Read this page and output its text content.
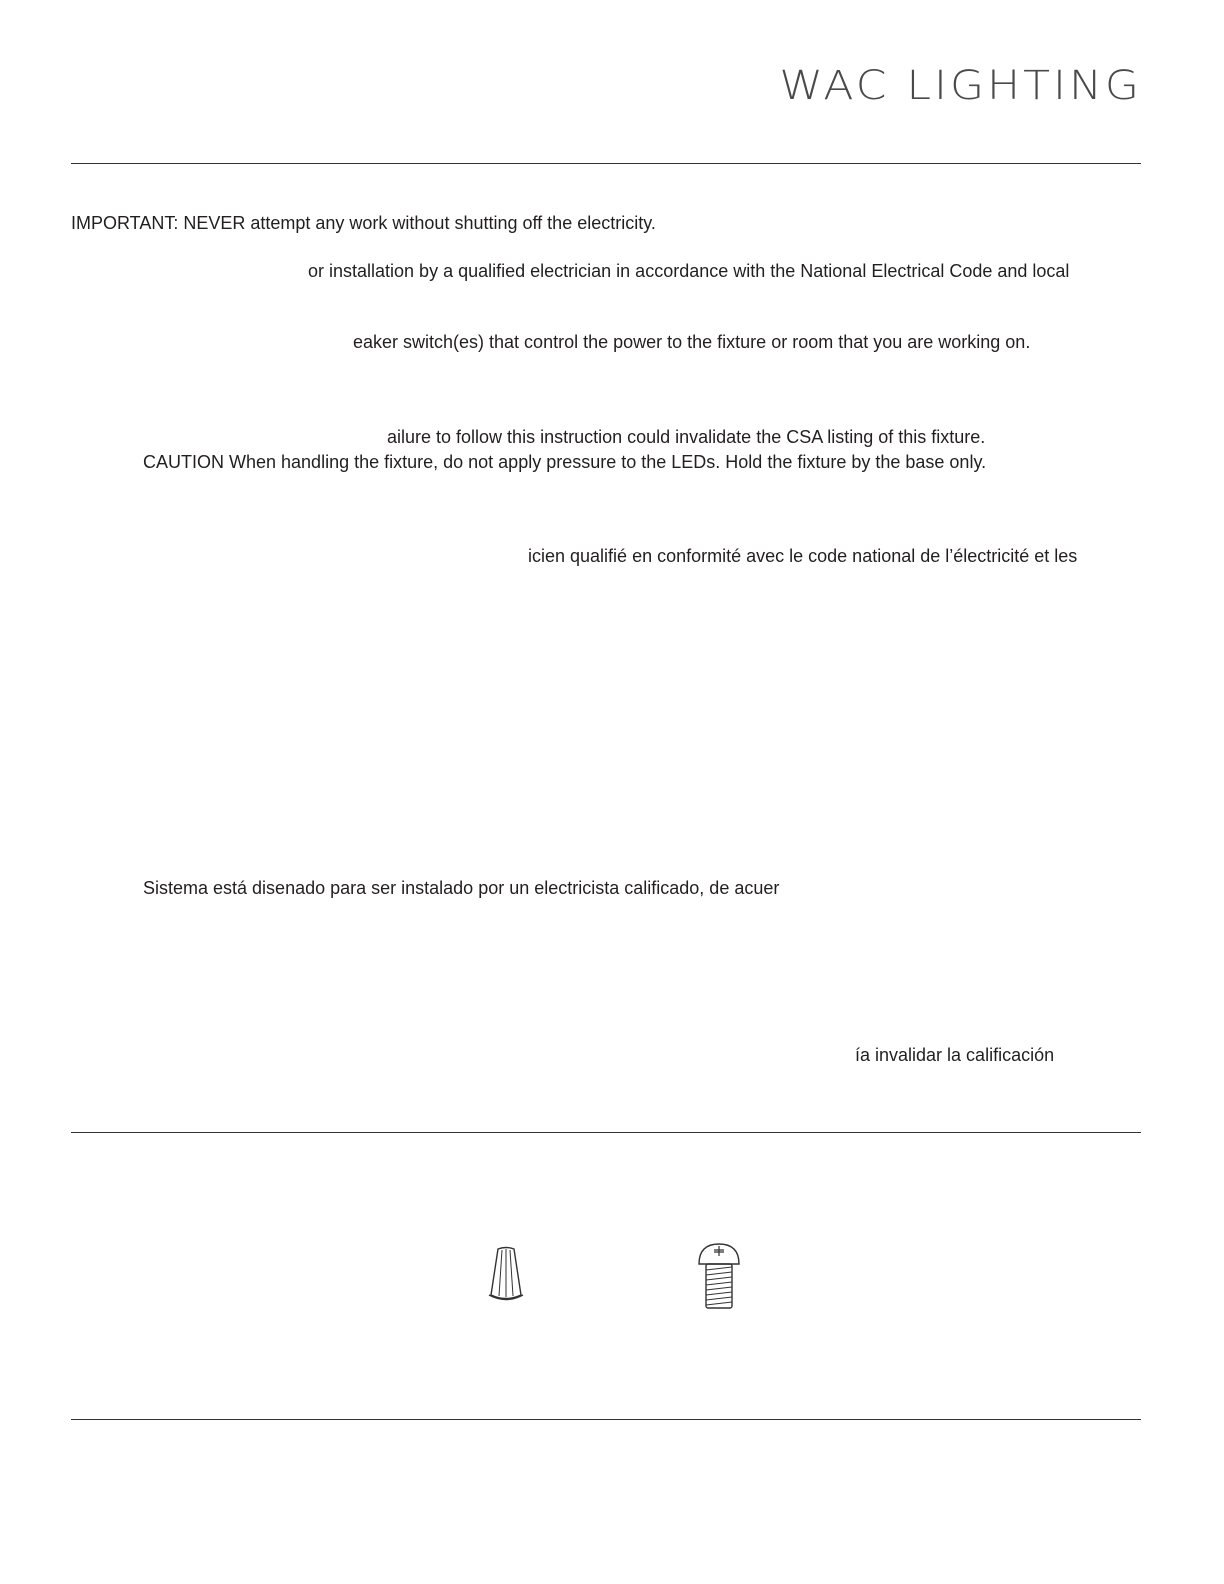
WAC LIGHTING
IMPORTANT: NEVER attempt any work without shutting off the electricity.
or installation by a qualified electrician in accordance with the National Electrical Code and local
eaker switch(es) that control the power to the fixture or room that you are working on.
ailure to follow this instruction could invalidate the CSA listing of this fixture.
CAUTION When handling the fixture, do not apply pressure to the LEDs. Hold the fixture by the base only.
icien qualifié en conformité avec le code national de l’électricité et les
Sistema está disenado para ser instalado por un electricista calificado, de acuer
ía invalidar la calificación
